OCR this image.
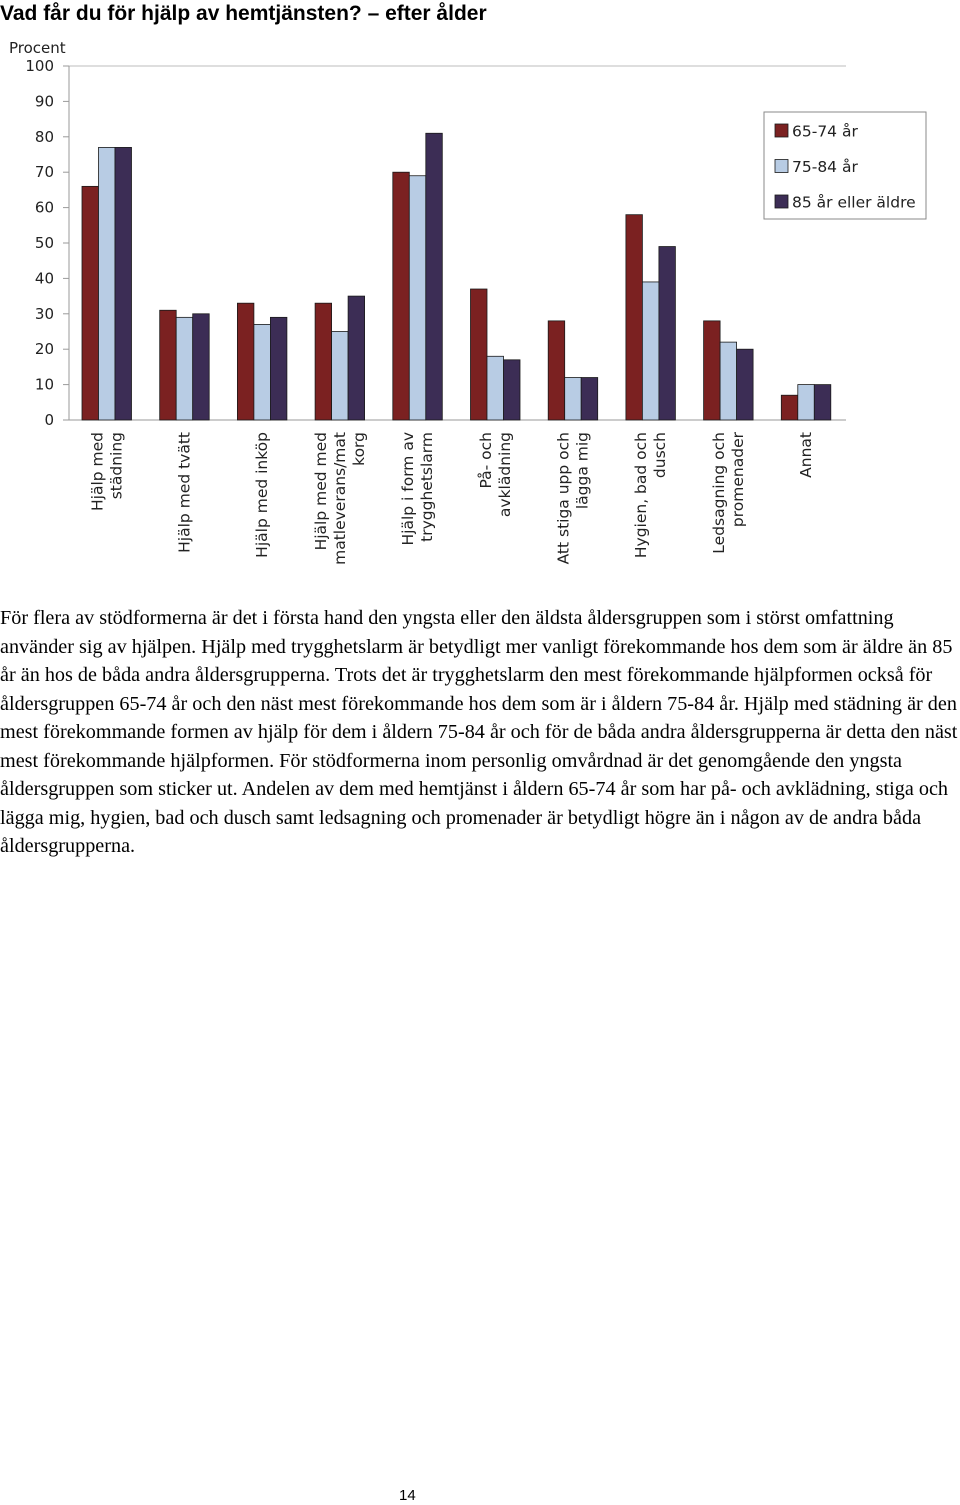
Vad får du för hjälp av hemtjänsten? – efter ålder
Procent
0
10
20
30
40
50
60
70
80
90
100
Hjälp medstädning	Hjälp med tvätt	Hjälp med inköp	Hjälp med medmatleverans/matkorg Hjälp i form avtrygghetslarm	På- ochavklädning	Att stiga upp ochlägga mig	Hygien, bad ochdusch	Ledsagning ochpromenader	Annat
65-74 år
75-84 år
85 år eller äldre

För flera av stödformerna är det i första hand den yngsta eller den äldsta åldersgruppen som i störst omfattning använder sig av hjälpen. Hjälp med trygghetslarm är betydligt mer vanligt förekommande hos dem som är äldre än 85 år än hos de båda andra åldersgrupperna. Trots det är trygghetslarm den mest förekommande hjälpformen också för åldersgruppen 65-74 år och den näst mest förekommande hos dem som är i åldern 75-84 år. Hjälp med städning är den mest förekommande formen av hjälp för dem i åldern 75-84 år och för de båda andra åldersgrupperna är detta den näst mest förekommande hjälpformen. För stödformerna inom personlig omvårdnad är det genomgående den yngsta åldersgruppen som sticker ut. Andelen av dem med hemtjänst i åldern 65-74 år som har på- och avklädning, stiga och lägga mig, hygien, bad och dusch samt ledsagning och promenader är betydligt högre än i någon av de andra båda åldersgrupperna.

14
